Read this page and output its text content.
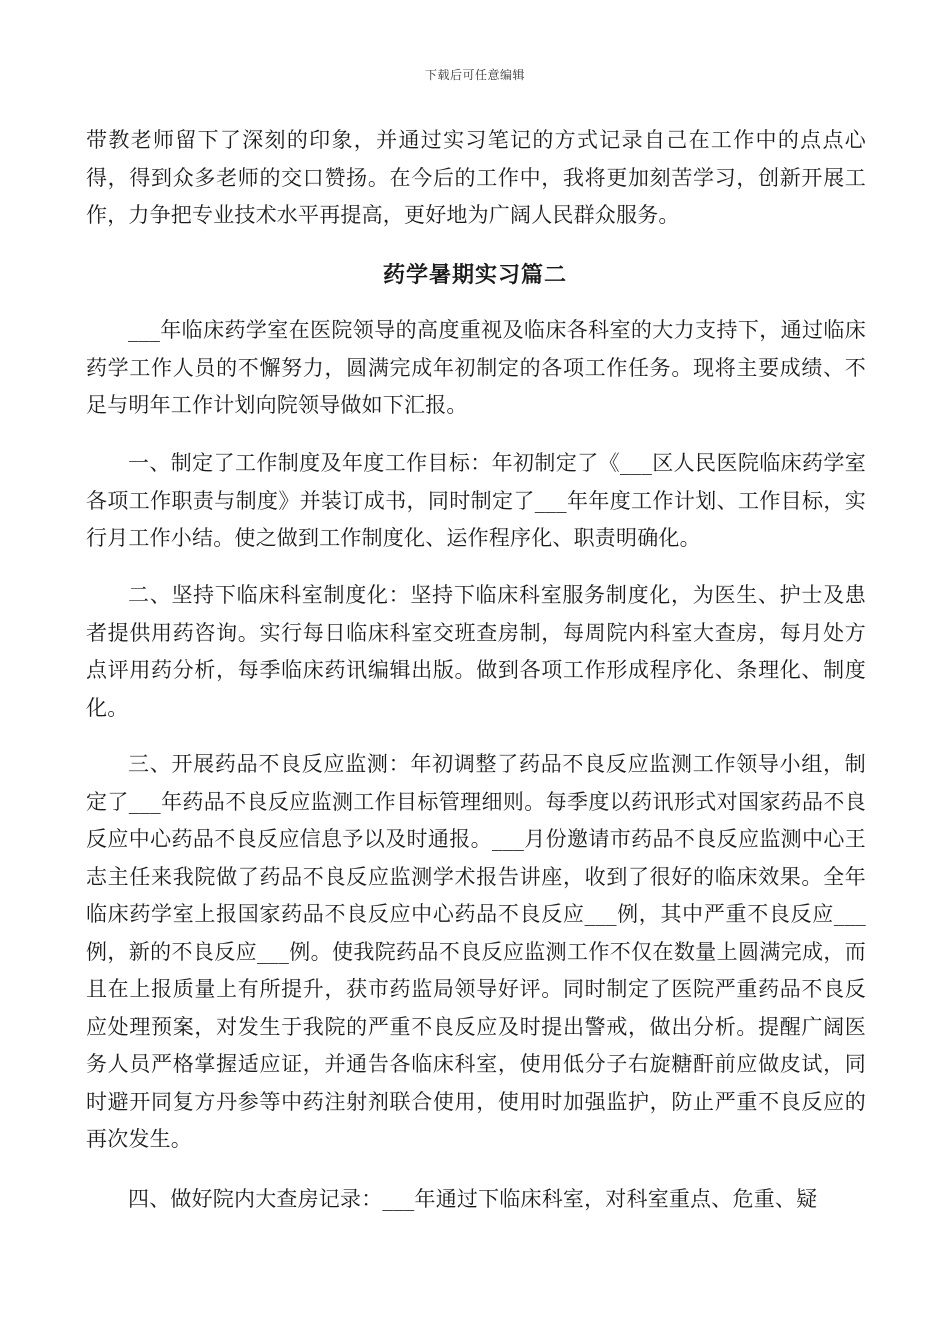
下载后可任意编辑
带教老师留下了深刻的印象，并通过实习笔记的方式记录自己在工作中的点点心得，得到众多老师的交口赞扬。在今后的工作中，我将更加刻苦学习，创新开展工作，力争把专业技术水平再提高，更好地为广阔人民群众服务。
药学暑期实习篇二
___年临床药学室在医院领导的高度重视及临床各科室的大力支持下，通过临床药学工作人员的不懈努力，圆满完成年初制定的各项工作任务。现将主要成绩、不足与明年工作计划向院领导做如下汇报。
一、制定了工作制度及年度工作目标：年初制定了《___区人民医院临床药学室各项工作职责与制度》并装订成书，同时制定了___年年度工作计划、工作目标，实行月工作小结。使之做到工作制度化、运作程序化、职责明确化。
二、坚持下临床科室制度化：坚持下临床科室服务制度化，为医生、护士及患者提供用药咨询。实行每日临床科室交班查房制，每周院内科室大查房，每月处方点评用药分析，每季临床药讯编辑出版。做到各项工作形成程序化、条理化、制度化。
三、开展药品不良反应监测：年初调整了药品不良反应监测工作领导小组，制定了___年药品不良反应监测工作目标管理细则。每季度以药讯形式对国家药品不良反应中心药品不良反应信息予以及时通报。___月份邀请市药品不良反应监测中心王志主任来我院做了药品不良反应监测学术报告讲座，收到了很好的临床效果。全年临床药学室上报国家药品不良反应中心药品不良反应___例，其中严重不良反应___例，新的不良反应___例。使我院药品不良反应监测工作不仅在数量上圆满完成，而且在上报质量上有所提升，获市药监局领导好评。同时制定了医院严重药品不良反应处理预案，对发生于我院的严重不良反应及时提出警戒，做出分析。提醒广阔医务人员严格掌握适应证，并通告各临床科室，使用低分子右旋糖酐前应做皮试，同时避开同复方丹参等中药注射剂联合使用，使用时加强监护，防止严重不良反应的再次发生。
四、做好院内大查房记录：___年通过下临床科室，对科室重点、危重、疑
